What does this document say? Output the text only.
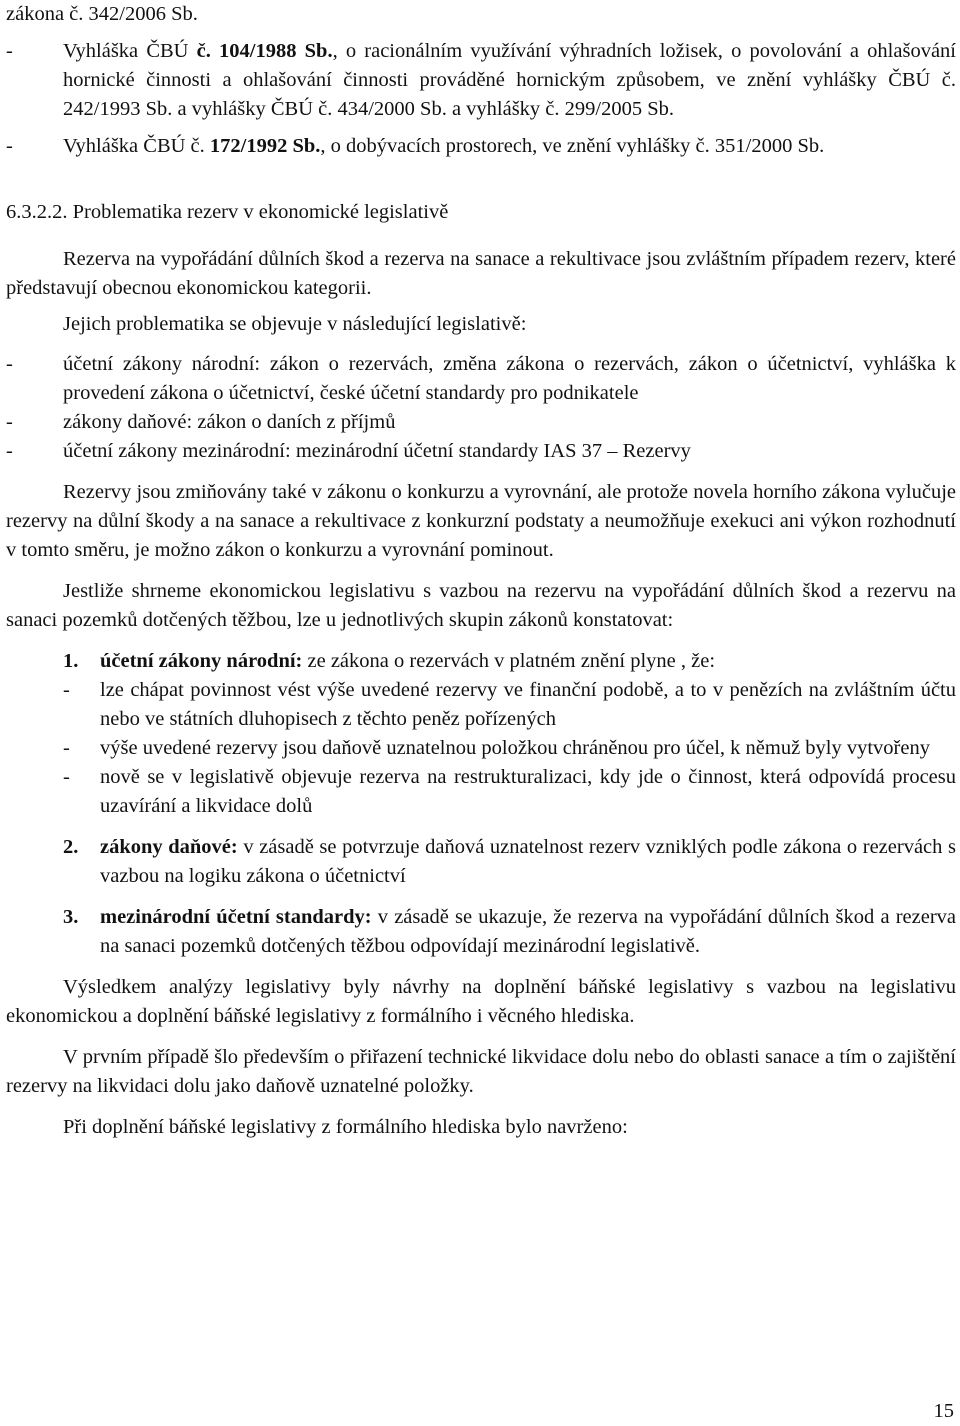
zákona č. 342/2006 Sb.

- Vyhláška ČBÚ č. 104/1988 Sb., o racionálním využívání výhradních ložisek, o povolování a ohlašování hornické činnosti a ohlašování činnosti prováděné hornickým způsobem, ve znění vyhlášky ČBÚ č. 242/1993 Sb. a vyhlášky ČBÚ č. 434/2000 Sb. a vyhlášky č. 299/2005 Sb.
- Vyhláška ČBÚ č. 172/1992 Sb., o dobývacích prostorech, ve znění vyhlášky č. 351/2000 Sb.

6.3.2.2. Problematika rezerv v ekonomické legislativě

Rezerva na vypořádání důlních škod a rezerva na sanace a rekultivace jsou zvláštním případem rezerv, které představují obecnou ekonomickou kategorii.

Jejich problematika se objevuje v následující legislativě:

- účetní zákony národní: zákon o rezervách, změna zákona o rezervách, zákon o účetnictví, vyhláška k provedení zákona o účetnictví, české účetní standardy pro podnikatele
- zákony daňové: zákon o daních z příjmů
- účetní zákony mezinárodní: mezinárodní účetní standardy IAS 37 – Rezervy

Rezervy jsou zmiňovány také v zákonu o konkurzu a vyrovnání, ale protože novela horního zákona vylučuje rezervy na důlní škody a na sanace a rekultivace z konkurzní podstaty a neumožňuje exekuci ani výkon rozhodnutí v tomto směru, je možno zákon o konkurzu a vyrovnání pominout.

Jestliže shrneme ekonomickou legislativu s vazbou na rezervu na vypořádání důlních škod a rezervu na sanaci pozemků dotčených těžbou, lze u jednotlivých skupin zákonů konstatovat:

1. účetní zákony národní: ze zákona o rezervách v platném znění plyne , že:
- lze chápat povinnost vést výše uvedené rezervy ve finanční podobě, a to v penězích na zvláštním účtu nebo ve státních dluhopisech z těchto peněz pořízených
- výše uvedené rezervy jsou daňově uznatelnou položkou chráněnou pro účel, k němuž byly vytvořeny
- nově se v legislativě objevuje rezerva na restrukturalizaci, kdy jde o činnost, která odpovídá procesu uzavírání a likvidace dolů
2. zákony daňové: v zásadě se potvrzuje daňová uznatelnost rezerv vzniklých podle zákona o rezervách s vazbou na logiku zákona o účetnictví
3. mezinárodní účetní standardy: v zásadě se ukazuje, že rezerva na vypořádání důlních škod a rezerva na sanaci pozemků dotčených těžbou odpovídají mezinárodní legislativě.

Výsledkem analýzy legislativy byly návrhy na doplnění báňské legislativy s vazbou na legislativu ekonomickou a doplnění báňské legislativy z formálního i věcného hlediska.

V prvním případě šlo především o přiřazení technické likvidace dolu nebo do oblasti sanace a tím o zajištění rezervy na likvidaci dolu jako daňově uznatelné položky.

Při doplnění báňské legislativy z formálního hlediska bylo navrženo:

15
